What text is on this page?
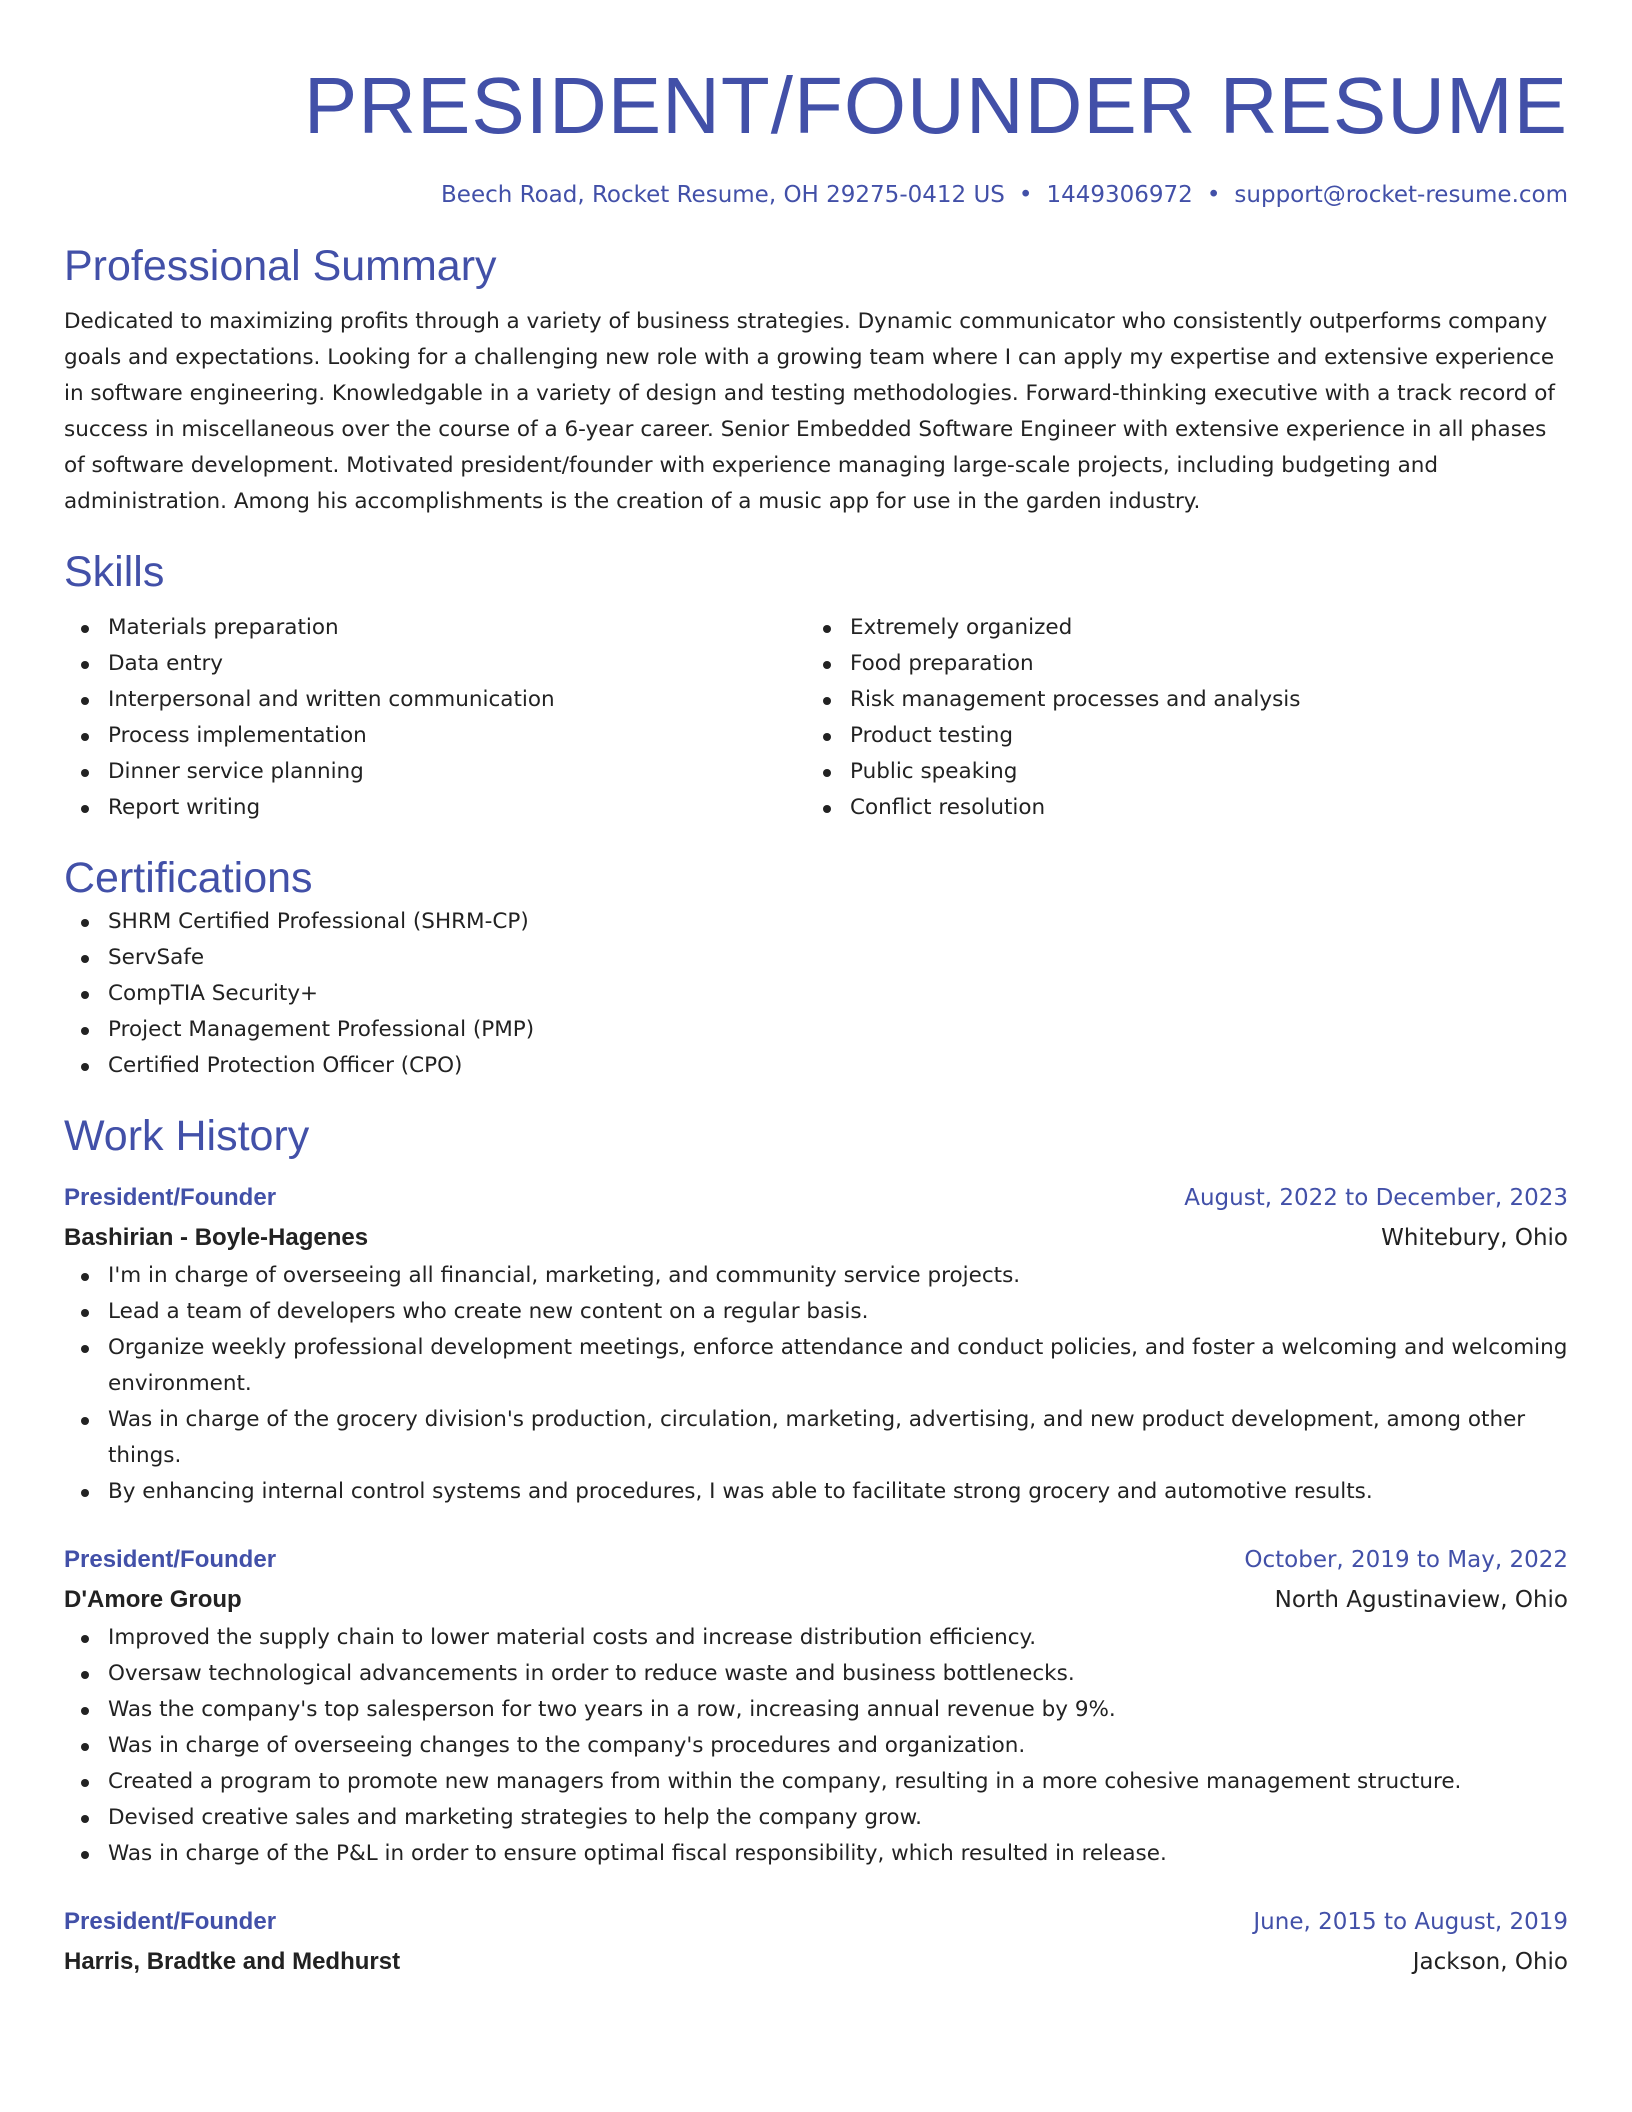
PRESIDENT/FOUNDER RESUME
Beech Road, Rocket Resume, OH 29275-0412 US • 1449306972 • support@rocket-resume.com
Professional Summary

Dedicated to maximizing profits through a variety of business strategies. Dynamic communicator who consistently outperforms company goals and expectations. Looking for a challenging new role with a growing team where I can apply my expertise and extensive experience in software engineering. Knowledgable in a variety of design and testing methodologies. Forward-thinking executive with a track record of success in miscellaneous over the course of a 6-year career. Senior Embedded Software Engineer with extensive experience in all phases of software development. Motivated president/founder with experience managing large-scale projects, including budgeting and administration. Among his accomplishments is the creation of a music app for use in the garden industry.

Skills
Materials preparation
Data entry
Interpersonal and written communication
Process implementation
Dinner service planning
Report writing
Extremely organized
Food preparation
Risk management processes and analysis
Product testing
Public speaking
Conflict resolution
Certifications
SHRM Certified Professional (SHRM-CP)
ServSafe
CompTIA Security+
Project Management Professional (PMP)
Certified Protection Officer (CPO)
Work History
President/Founder	August, 2022 to December, 2023
Bashirian - Boyle-Hagenes	Whitebury, Ohio
I'm in charge of overseeing all financial, marketing, and community service projects.
Lead a team of developers who create new content on a regular basis.
Organize weekly professional development meetings, enforce attendance and conduct policies, and foster a welcoming and welcoming environment.
Was in charge of the grocery division's production, circulation, marketing, advertising, and new product development, among other things.
By enhancing internal control systems and procedures, I was able to facilitate strong grocery and automotive results.
President/Founder	October, 2019 to May, 2022
D'Amore Group	North Agustinaview, Ohio
Improved the supply chain to lower material costs and increase distribution efficiency.
Oversaw technological advancements in order to reduce waste and business bottlenecks.
Was the company's top salesperson for two years in a row, increasing annual revenue by 9%.
Was in charge of overseeing changes to the company's procedures and organization.
Created a program to promote new managers from within the company, resulting in a more cohesive management structure.
Devised creative sales and marketing strategies to help the company grow.
Was in charge of the P&L in order to ensure optimal fiscal responsibility, which resulted in release.
President/Founder	June, 2015 to August, 2019
Harris, Bradtke and Medhurst	Jackson, Ohio
